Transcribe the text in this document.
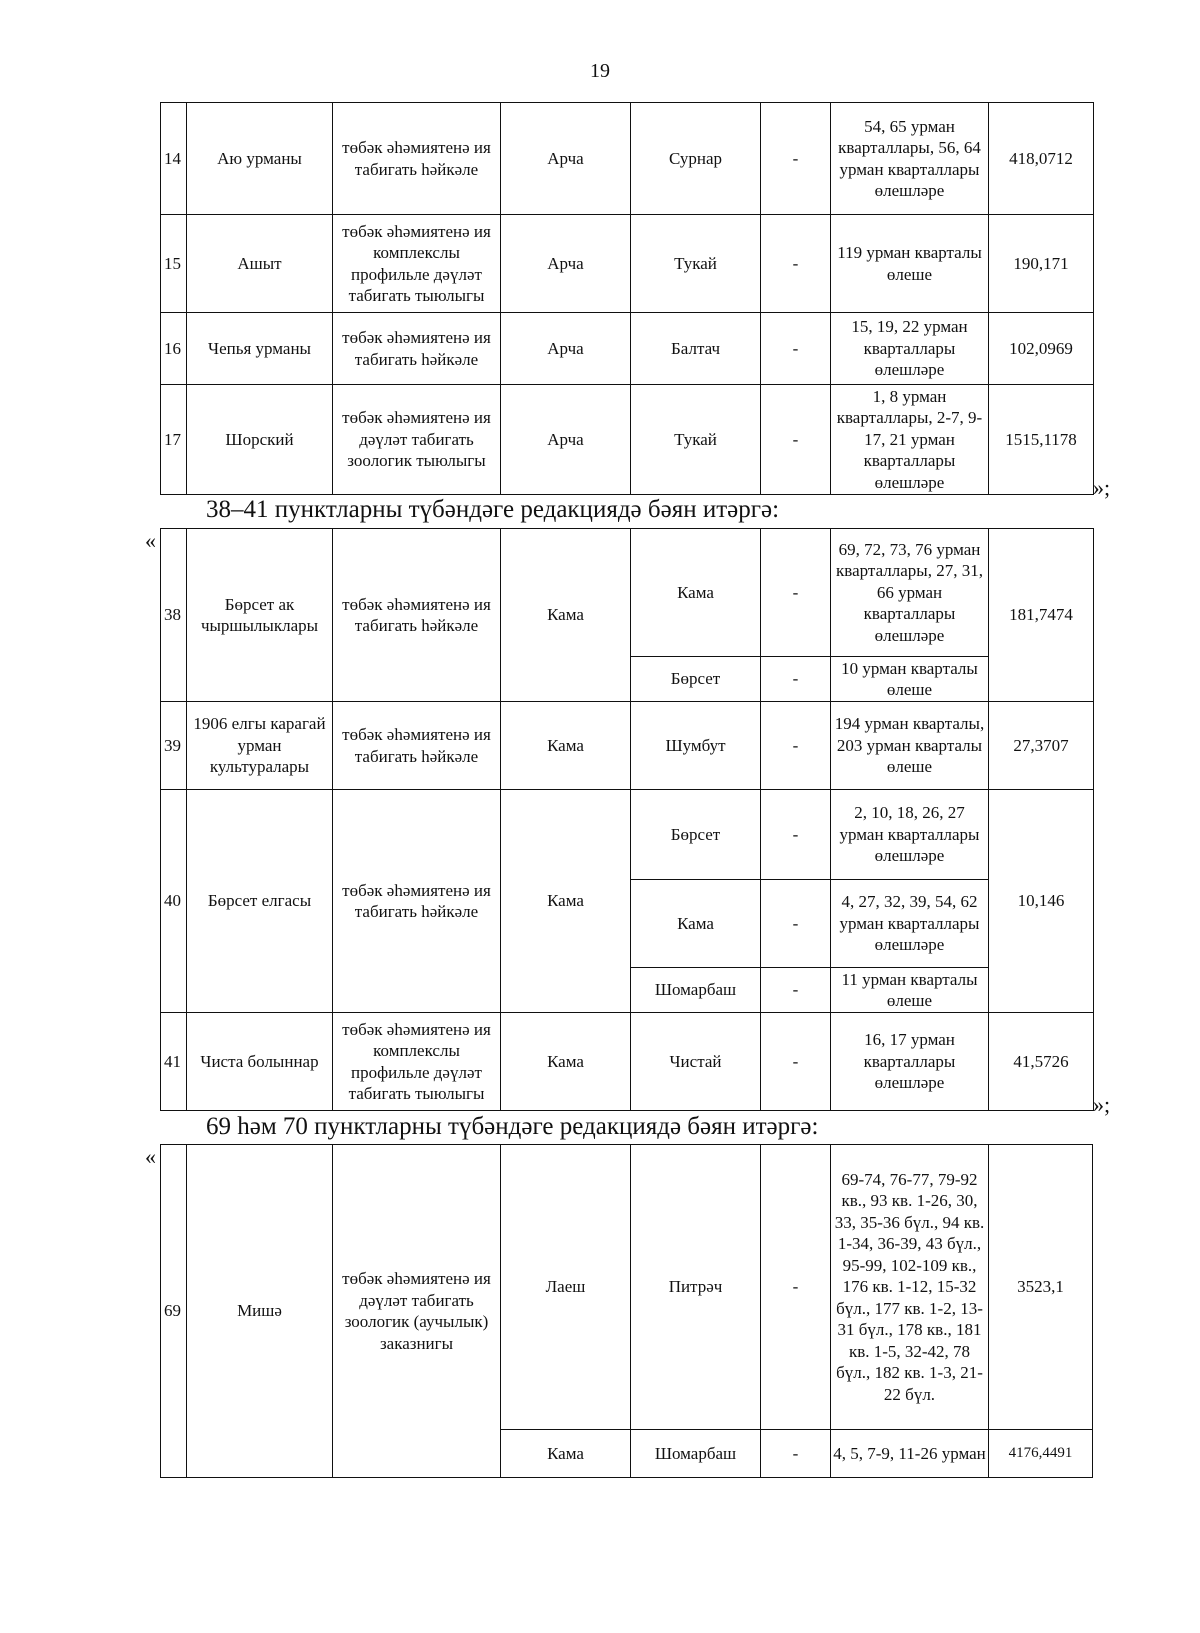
19
14	Аю урманы	төбәк әһәмиятенә ия табигать һәйкәле	Арча	Сурнар	-	54, 65 урман кварталлары, 56, 64 урман кварталлары өлешләре	418,0712
15	Ашыт	төбәк әһәмиятенә ия комплекслы профильле дәүләт табигать тыюлыгы	Арча	Тукай	-	119 урман кварталы өлеше	190,171
16	Чепья урманы	төбәк әһәмиятенә ия табигать һәйкәле	Арча	Балтач	-	15, 19, 22 урман кварталлары өлешләре	102,0969
17	Шорский	төбәк әһәмиятенә ия дәүләт табигать зоологик тыюлыгы	Арча	Тукай	-	1, 8 урман кварталлары, 2-7, 9-17, 21 урман кварталлары өлешләре	1515,1178
»;
38–41 пунктларны түбәндәге редакциядә бәян итәргә:
«
38	Бөрсет ак чыршылыклары	төбәк әһәмиятенә ия табигать һәйкәле	Кама	Кама	-	69, 72, 73, 76 урман кварталлары, 27, 31, 66 урман кварталлары өлешләре	181,7474
				Бөрсет	-	10 урман кварталы өлеше	
39	1906 елгы карагай урман культуралары	төбәк әһәмиятенә ия табигать һәйкәле	Кама	Шумбут	-	194 урман кварталы, 203 урман кварталы өлеше	27,3707
40	Бөрсет елгасы	төбәк әһәмиятенә ия табигать һәйкәле	Кама	Бөрсет	-	2, 10, 18, 26, 27 урман кварталлары өлешләре	10,146
				Кама	-	4, 27, 32, 39, 54, 62 урман кварталлары өлешләре	
				Шомарбаш	-	11 урман кварталы өлеше	
41	Чиста болыннар	төбәк әһәмиятенә ия комплекслы профильле дәүләт табигать тыюлыгы	Кама	Чистай	-	16, 17 урман кварталлары өлешләре	41,5726
»;
69 һәм 70 пунктларны түбәндәге редакциядә бәян итәргә:
«
69	Мишә	төбәк әһәмиятенә ия дәүләт табигать зоологик (аучылык) заказнигы	Лаеш	Питрәч	-	69-74, 76-77, 79-92 кв., 93 кв. 1-26, 30, 33, 35-36 бүл., 94 кв. 1-34, 36-39, 43 бүл., 95-99, 102-109 кв., 176 кв. 1-12, 15-32 бүл., 177 кв. 1-2, 13-31 бүл., 178 кв., 181 кв. 1-5, 32-42, 78 бүл., 182 кв. 1-3, 21-22 бүл.	3523,1
			Кама	Шомарбаш	-	4, 5, 7-9, 11-26 урман	4176,4491
